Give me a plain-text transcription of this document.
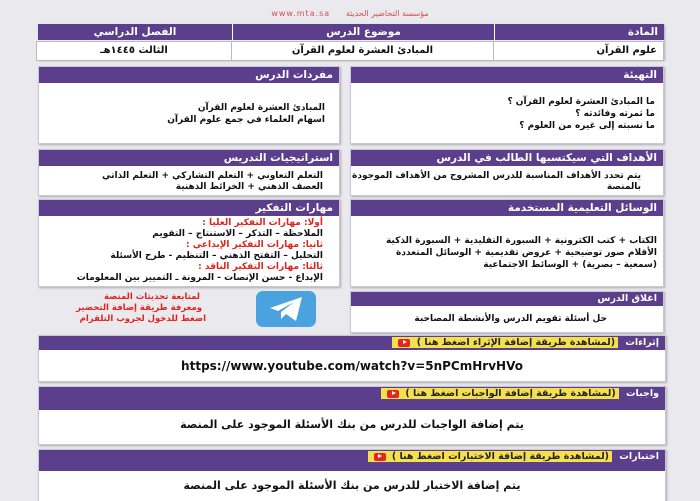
www.mta.sa مؤسسة التحاضير الحديثة
المادة
موضوع الدرس
الفصل الدراسي
علوم القرآن
المبادئ العشرة لعلوم القرآن
الثالث ١٤٤٥هـ
التهيئة
ما المبادئ العشرة لعلوم القرآن ؟
ما ثمرته وفائدته ؟
ما نسبته إلى غيره من العلوم ؟
الأهداف التي سيكتسبها الطالب في الدرس
يتم تحدد الأهداف المناسبة للدرس المشروح من الأهداف الموجودة
بالمنصة
الوسائل التعليمية المستخدمة
الكتاب + كتب الكترونية + السبورة التقليدية + السبورة الذكية
الأقلام صور توضيحية + عروض تقديمية + الوسائل المتعددة
(سمعية – بصرية) + الوسائط الاجتماعية
اغلاق الدرس
حل أسئلة تقويم الدرس والأنشطة المصاحبة
مفردات الدرس
المبادئ العشرة لعلوم القرآن
اسهام العلماء في جمع علوم القرآن
استراتيجيات التدريس
التعلم التعاوني + التعلم التشاركي + التعلم الذاتي
العصف الذهني + الخرائط الذهنية
مهارات التفكير
أولا: مهارات التفكير العليا :
الملاحظة – التذكر – الاستنتاج – التقويم
ثانيا: مهارات التفكير الإبداعي :
التحليل – التفتح الذهني – التنظيم - طرح الأسئلة
ثالثا: مهارات التفكير الناقد :
الإبداع - حسن الإنصات - المرونة ـ التمييز بين المعلومات
لمتابعة تحديثات المنصة
ومعرفة طريقة إضافة التحضير
اضغط للدخول لجروب التلقرام
إثراءات (لمشاهدة طريقة إضافة الإثراء اضغط هنا )
https://www.youtube.com/watch?v=5nPCmHrvHVo
واجبات (لمشاهدة طريقة إضافة الواجبات اضغط هنا )
يتم إضافة الواجبات للدرس من بنك الأسئلة الموجود على المنصة
اختبارات (لمشاهدة طريقة إضافة الاختبارات اضغط هنا )
يتم إضافة الاختبار للدرس من بنك الأسئلة الموجود على المنصة
